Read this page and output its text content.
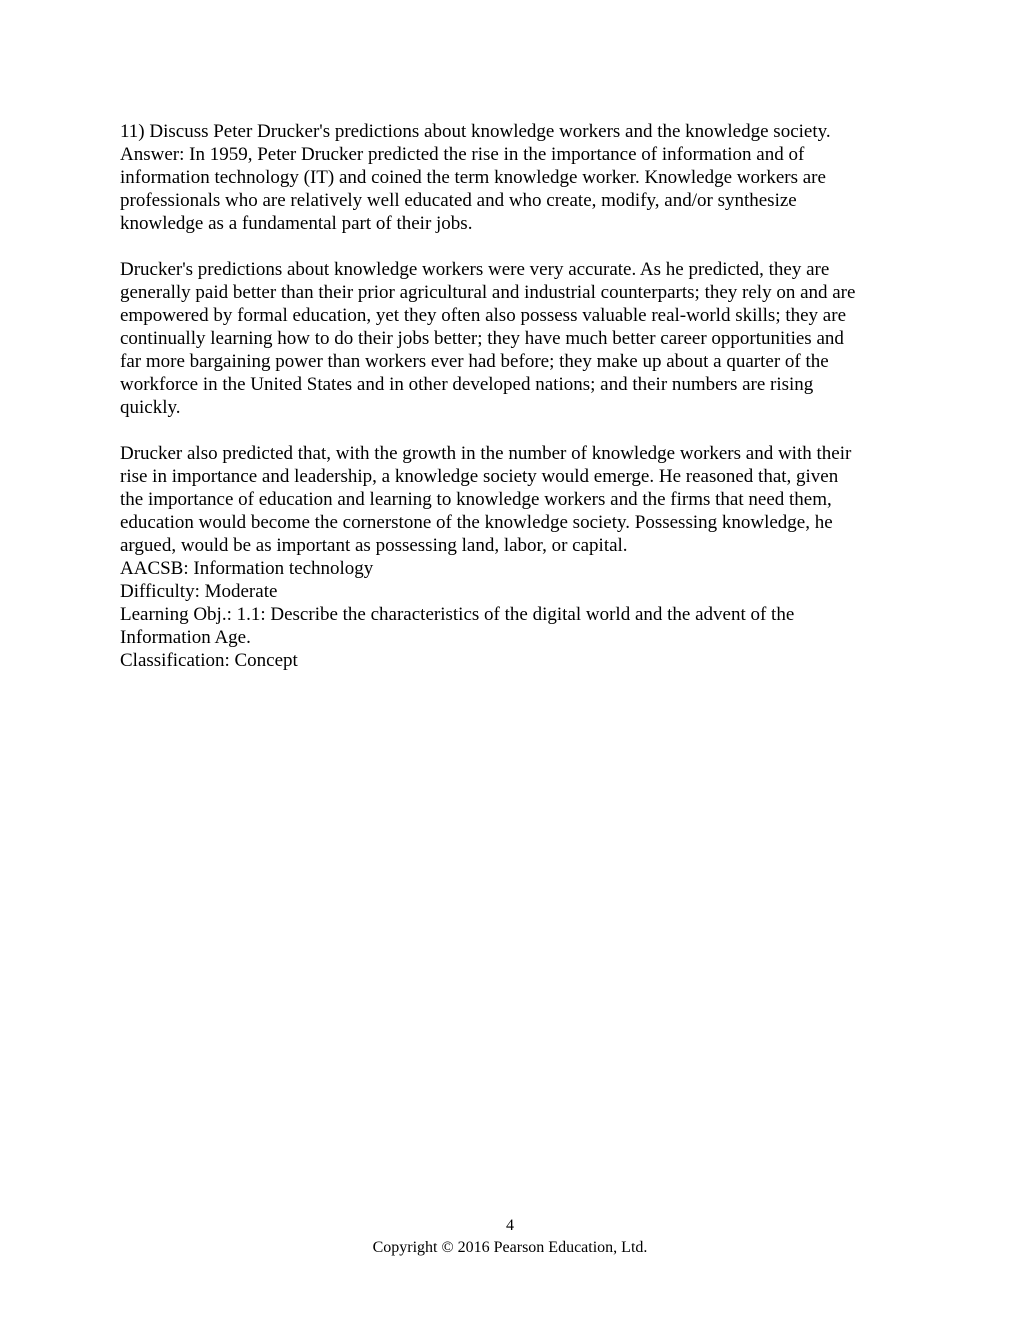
11) Discuss Peter Drucker's predictions about knowledge workers and the knowledge society.
Answer: In 1959, Peter Drucker predicted the rise in the importance of information and of
information technology (IT) and coined the term knowledge worker. Knowledge workers are
professionals who are relatively well educated and who create, modify, and/or synthesize
knowledge as a fundamental part of their jobs.
Drucker's predictions about knowledge workers were very accurate. As he predicted, they are
generally paid better than their prior agricultural and industrial counterparts; they rely on and are
empowered by formal education, yet they often also possess valuable real-world skills; they are
continually learning how to do their jobs better; they have much better career opportunities and
far more bargaining power than workers ever had before; they make up about a quarter of the
workforce in the United States and in other developed nations; and their numbers are rising
quickly.
Drucker also predicted that, with the growth in the number of knowledge workers and with their
rise in importance and leadership, a knowledge society would emerge. He reasoned that, given
the importance of education and learning to knowledge workers and the firms that need them,
education would become the cornerstone of the knowledge society. Possessing knowledge, he
argued, would be as important as possessing land, labor, or capital.
AACSB: Information technology
Difficulty: Moderate
Learning Obj.: 1.1: Describe the characteristics of the digital world and the advent of the
Information Age.
Classification: Concept
4
Copyright © 2016 Pearson Education, Ltd.
